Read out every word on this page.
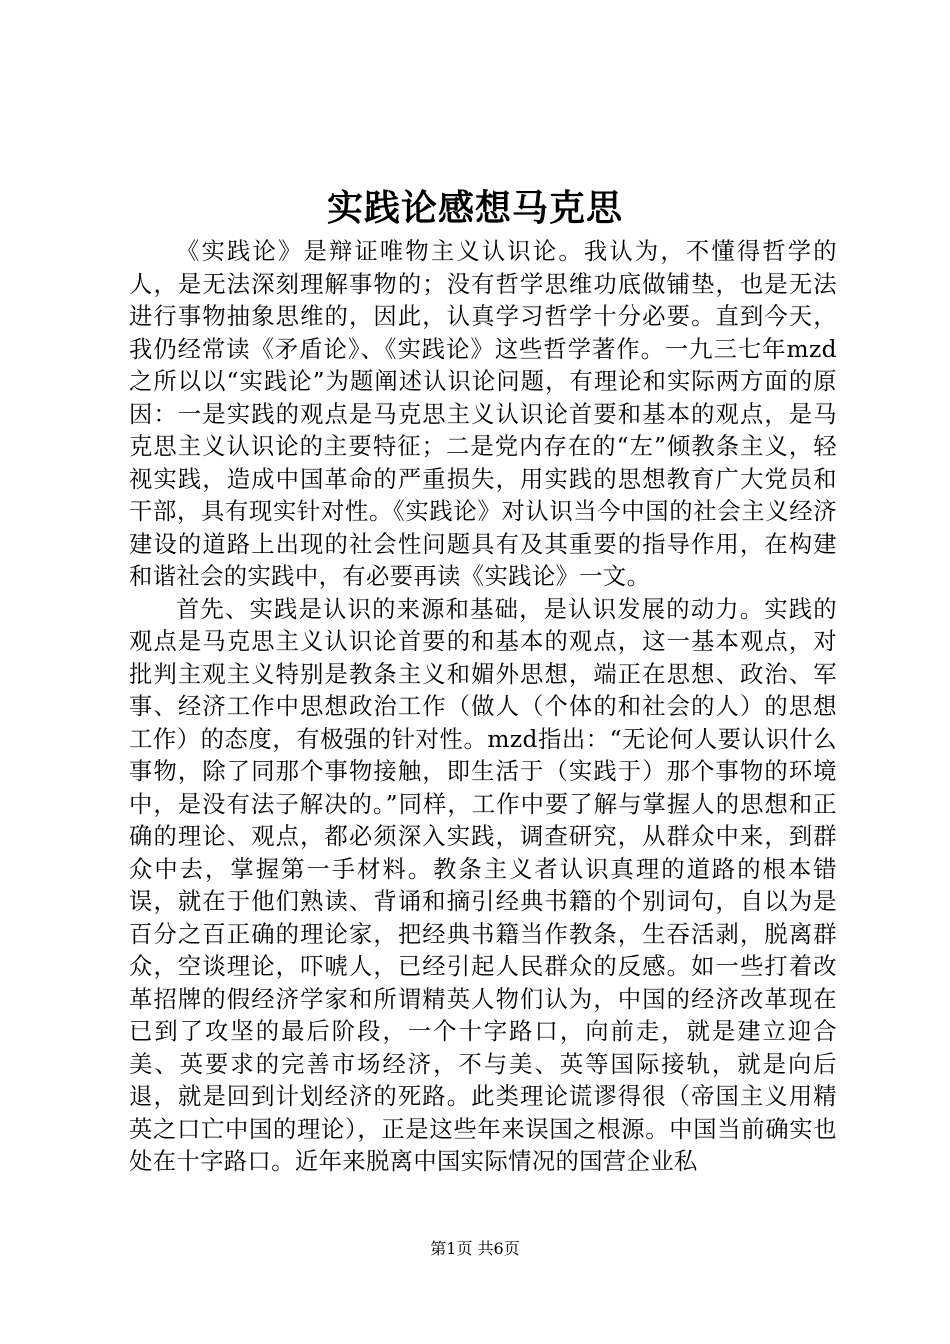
实践论感想马克思

《实践论》是辩证唯物主义认识论。我认为，不懂得哲学的人，是无法深刻理解事物的；没有哲学思维功底做铺垫，也是无法进行事物抽象思维的，因此，认真学习哲学十分必要。直到今天，我仍经常读《矛盾论》、《实践论》这些哲学著作。一九三七年mzd之所以以“实践论”为题阐述认识论问题，有理论和实际两方面的原因：一是实践的观点是马克思主义认识论首要和基本的观点，是马克思主义认识论的主要特征；二是党内存在的“左”倾教条主义，轻视实践，造成中国革命的严重损失，用实践的思想教育广大党员和干部，具有现实针对性。《实践论》对认识当今中国的社会主义经济建设的道路上出现的社会性问题具有及其重要的指导作用，在构建和谐社会的实践中，有必要再读《实践论》一文。

首先、实践是认识的来源和基础，是认识发展的动力。实践的观点是马克思主义认识论首要的和基本的观点，这一基本观点，对批判主观主义特别是教条主义和媚外思想，端正在思想、政治、军事、经济工作中思想政治工作（做人（个体的和社会的人）的思想工作）的态度，有极强的针对性。mzd指出：“无论何人要认识什么事物，除了同那个事物接触，即生活于（实践于）那个事物的环境中，是没有法子解决的。”同样，工作中要了解与掌握人的思想和正确的理论、观点，都必须深入实践，调查研究，从群众中来，到群众中去，掌握第一手材料。教条主义者认识真理的道路的根本错误，就在于他们熟读、背诵和摘引经典书籍的个别词句，自以为是百分之百正确的理论家，把经典书籍当作教条，生吞活剥，脱离群众，空谈理论，吓唬人，已经引起人民群众的反感。如一些打着改革招牌的假经济学家和所谓精英人物们认为，中国的经济改革现在已到了攻坚的最后阶段，一个十字路口，向前走，就是建立迎合美、英要求的完善市场经济，不与美、英等国际接轨，就是向后退，就是回到计划经济的死路。此类理论谎谬得很（帝国主义用精英之口亡中国的理论），正是这些年来误国之根源。中国当前确实也处在十字路口。近年来脱离中国实际情况的国营企业私

第1页 共6页
